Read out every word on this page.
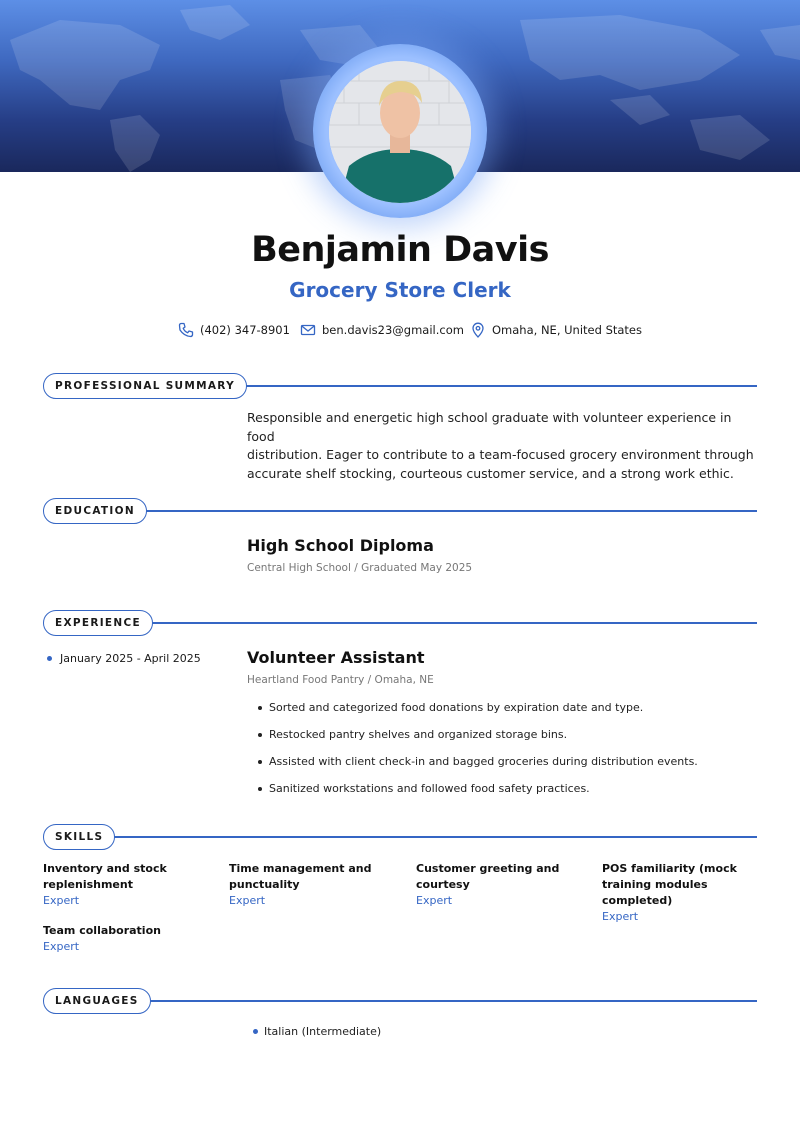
Benjamin Davis
Grocery Store Clerk
(402) 347-8901	ben.davis23@gmail.com Omaha, NE, United States
PROFESSIONAL SUMMARY
Responsible and energetic high school graduate with volunteer experience in food
distribution. Eager to contribute to a team-focused grocery environment through
accurate shelf stocking, courteous customer service, and a strong work ethic.
EDUCATION
High School Diploma
Central High School / Graduated May 2025
EXPERIENCE
January 2025 - April 2025	Volunteer Assistant
Heartland Food Pantry / Omaha, NE
Sorted and categorized food donations by expiration date and type.
Restocked pantry shelves and organized storage bins.
Assisted with client check-in and bagged groceries during distribution events.
Sanitized workstations and followed food safety practices.
SKILLS
Inventory and stock replenishment
Expert
Time management and punctuality
Expert
Customer greeting and courtesy
Expert
POS familiarity (mock training modules completed)
Expert
Team collaboration
Expert
LANGUAGES
Italian (Intermediate)
